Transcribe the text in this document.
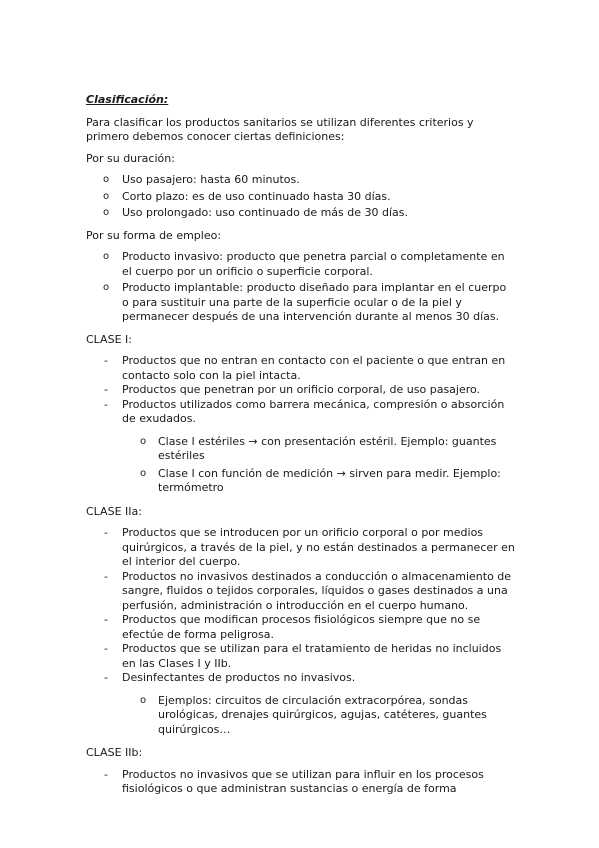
Clasificación:

Para clasificar los productos sanitarios se utilizan diferentes criterios y primero debemos conocer ciertas definiciones:

Por su duración:

o Uso pasajero: hasta 60 minutos.
o Corto plazo: es de uso continuado hasta 30 días.
o Uso prolongado: uso continuado de más de 30 días.

Por su forma de empleo:

o Producto invasivo: producto que penetra parcial o completamente en el cuerpo por un orificio o superficie corporal.
o Producto implantable: producto diseñado para implantar en el cuerpo o para sustituir una parte de la superficie ocular o de la piel y permanecer después de una intervención durante al menos 30 días.

CLASE I:

- Productos que no entran en contacto con el paciente o que entran en contacto solo con la piel intacta.
- Productos que penetran por un orificio corporal, de uso pasajero.
- Productos utilizados como barrera mecánica, compresión o absorción de exudados.
o Clase I estériles → con presentación estéril. Ejemplo: guantes estériles
o Clase I con función de medición → sirven para medir. Ejemplo: termómetro

CLASE IIa:

- Productos que se introducen por un orificio corporal o por medios quirúrgicos, a través de la piel, y no están destinados a permanecer en el interior del cuerpo.
- Productos no invasivos destinados a conducción o almacenamiento de sangre, fluidos o tejidos corporales, líquidos o gases destinados a una perfusión, administración o introducción en el cuerpo humano.
- Productos que modifican procesos fisiológicos siempre que no se efectúe de forma peligrosa.
- Productos que se utilizan para el tratamiento de heridas no incluidos en las Clases I y IIb.
- Desinfectantes de productos no invasivos.
o Ejemplos: circuitos de circulación extracorpórea, sondas urológicas, drenajes quirúrgicos, agujas, catéteres, guantes quirúrgicos…

CLASE IIb:

- Productos no invasivos que se utilizan para influir en los procesos fisiológicos o que administran sustancias o energía de forma
